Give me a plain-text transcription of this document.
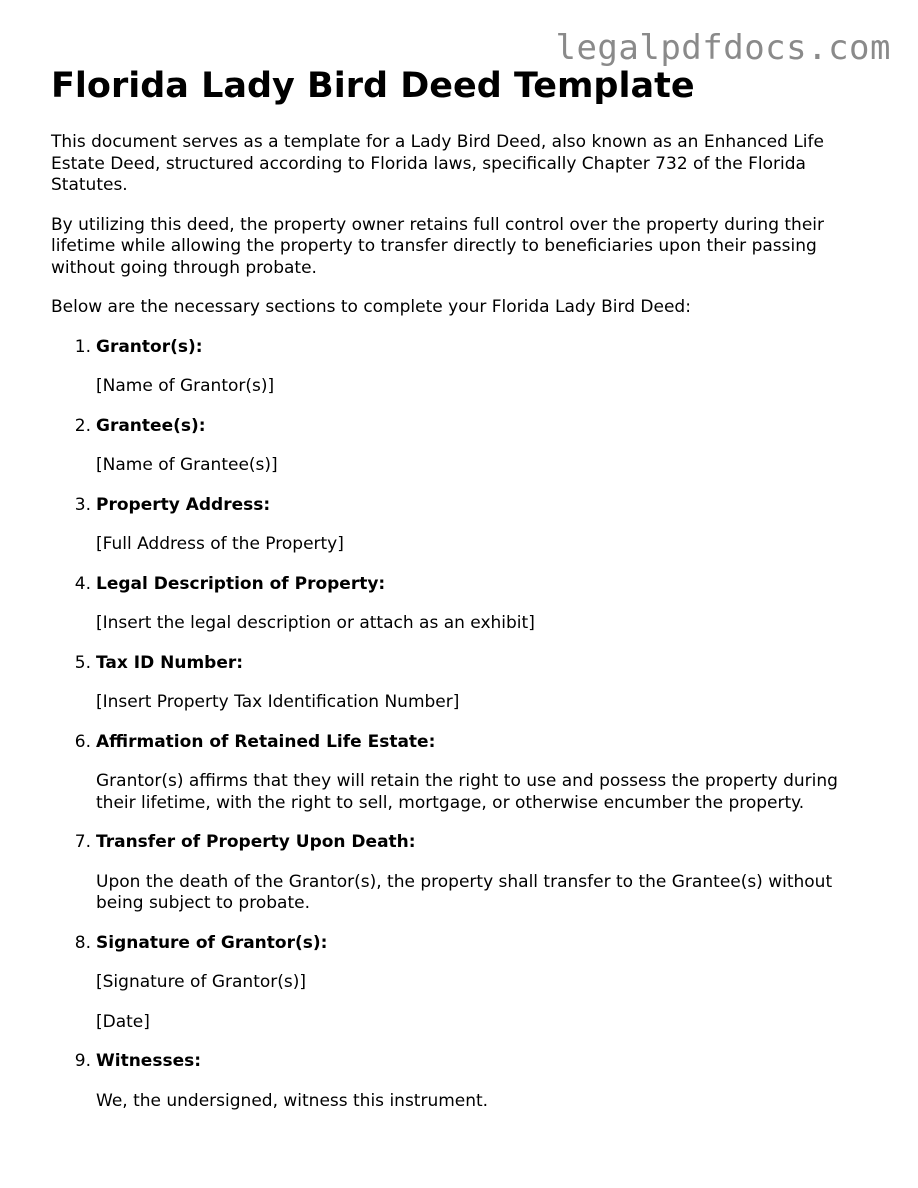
legalpdfdocs.com
Florida Lady Bird Deed Template

This document serves as a template for a Lady Bird Deed, also known as an Enhanced Life Estate Deed, structured according to Florida laws, specifically Chapter 732 of the Florida Statutes.

By utilizing this deed, the property owner retains full control over the property during their lifetime while allowing the property to transfer directly to beneficiaries upon their passing without going through probate.

Below are the necessary sections to complete your Florida Lady Bird Deed:

1. Grantor(s):
[Name of Grantor(s)]
2. Grantee(s):
[Name of Grantee(s)]
3. Property Address:
[Full Address of the Property]
4. Legal Description of Property:
[Insert the legal description or attach as an exhibit]
5. Tax ID Number:
[Insert Property Tax Identification Number]
6. Affirmation of Retained Life Estate:
Grantor(s) affirms that they will retain the right to use and possess the property during their lifetime, with the right to sell, mortgage, or otherwise encumber the property.
7. Transfer of Property Upon Death:
Upon the death of the Grantor(s), the property shall transfer to the Grantee(s) without being subject to probate.
8. Signature of Grantor(s):
[Signature of Grantor(s)]
[Date]
9. Witnesses:
We, the undersigned, witness this instrument.
